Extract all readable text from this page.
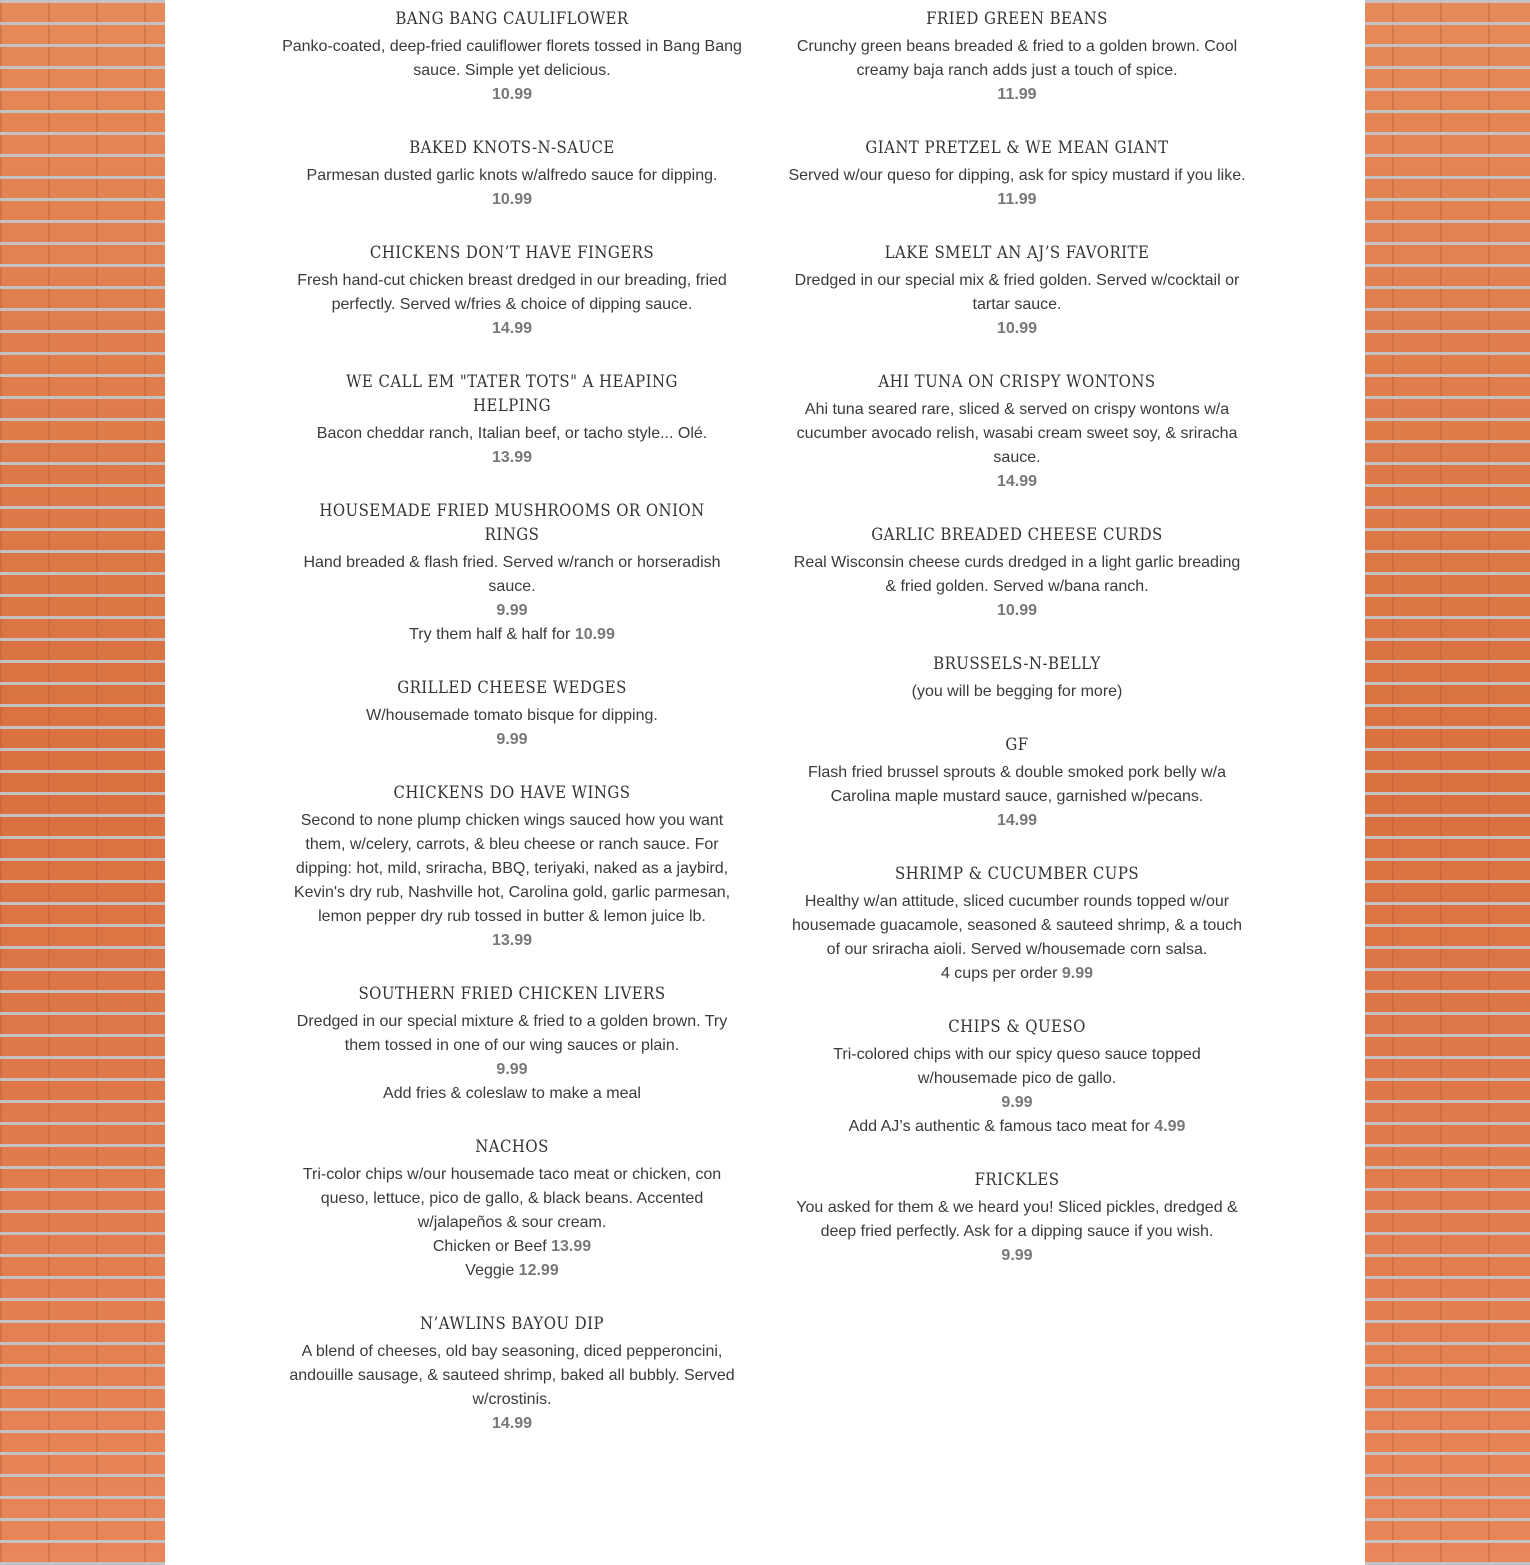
BANG BANG CAULIFLOWER
Panko-coated, deep-fried cauliflower florets tossed in Bang Bang sauce. Simple yet delicious.
10.99
BAKED KNOTS-N-SAUCE
Parmesan dusted garlic knots w/alfredo sauce for dipping.
10.99
CHICKENS DON’T HAVE FINGERS
Fresh hand-cut chicken breast dredged in our breading, fried perfectly. Served w/fries & choice of dipping sauce.
14.99
WE CALL EM "TATER TOTS" A HEAPING HELPING
Bacon cheddar ranch, Italian beef, or tacho style... Olé.
13.99
HOUSEMADE FRIED MUSHROOMS OR ONION RINGS
Hand breaded & flash fried. Served w/ranch or horseradish sauce.
9.99
Try them half & half for 10.99
GRILLED CHEESE WEDGES
W/housemade tomato bisque for dipping.
9.99
CHICKENS DO HAVE WINGS
Second to none plump chicken wings sauced how you want them, w/celery, carrots, & bleu cheese or ranch sauce. For dipping: hot, mild, sriracha, BBQ, teriyaki, naked as a jaybird, Kevin's dry rub, Nashville hot, Carolina gold, garlic parmesan, lemon pepper dry rub tossed in butter & lemon juice lb.
13.99
SOUTHERN FRIED CHICKEN LIVERS
Dredged in our special mixture & fried to a golden brown. Try them tossed in one of our wing sauces or plain.
9.99
Add fries & coleslaw to make a meal
NACHOS
Tri-color chips w/our housemade taco meat or chicken, con queso, lettuce, pico de gallo, & black beans. Accented w/jalapeños & sour cream.
Chicken or Beef 13.99
Veggie 12.99
N’AWLINS BAYOU DIP
A blend of cheeses, old bay seasoning, diced pepperoncini, andouille sausage, & sauteed shrimp, baked all bubbly. Served w/crostinis.
14.99
FRIED GREEN BEANS
Crunchy green beans breaded & fried to a golden brown. Cool creamy baja ranch adds just a touch of spice.
11.99
GIANT PRETZEL & WE MEAN GIANT
Served w/our queso for dipping, ask for spicy mustard if you like.
11.99
LAKE SMELT AN AJ’S FAVORITE
Dredged in our special mix & fried golden. Served w/cocktail or tartar sauce.
10.99
AHI TUNA ON CRISPY WONTONS
Ahi tuna seared rare, sliced & served on crispy wontons w/a cucumber avocado relish, wasabi cream sweet soy, & sriracha sauce.
14.99
GARLIC BREADED CHEESE CURDS
Real Wisconsin cheese curds dredged in a light garlic breading & fried golden. Served w/bana ranch.
10.99
BRUSSELS-N-BELLY
(you will be begging for more)
GF
Flash fried brussel sprouts & double smoked pork belly w/a Carolina maple mustard sauce, garnished w/pecans.
14.99
SHRIMP & CUCUMBER CUPS
Healthy w/an attitude, sliced cucumber rounds topped w/our housemade guacamole, seasoned & sauteed shrimp, & a touch of our sriracha aioli. Served w/housemade corn salsa.
4 cups per order 9.99
CHIPS & QUESO
Tri-colored chips with our spicy queso sauce topped w/housemade pico de gallo.
9.99
Add AJ’s authentic & famous taco meat for 4.99
FRICKLES
You asked for them & we heard you! Sliced pickles, dredged & deep fried perfectly. Ask for a dipping sauce if you wish.
9.99
